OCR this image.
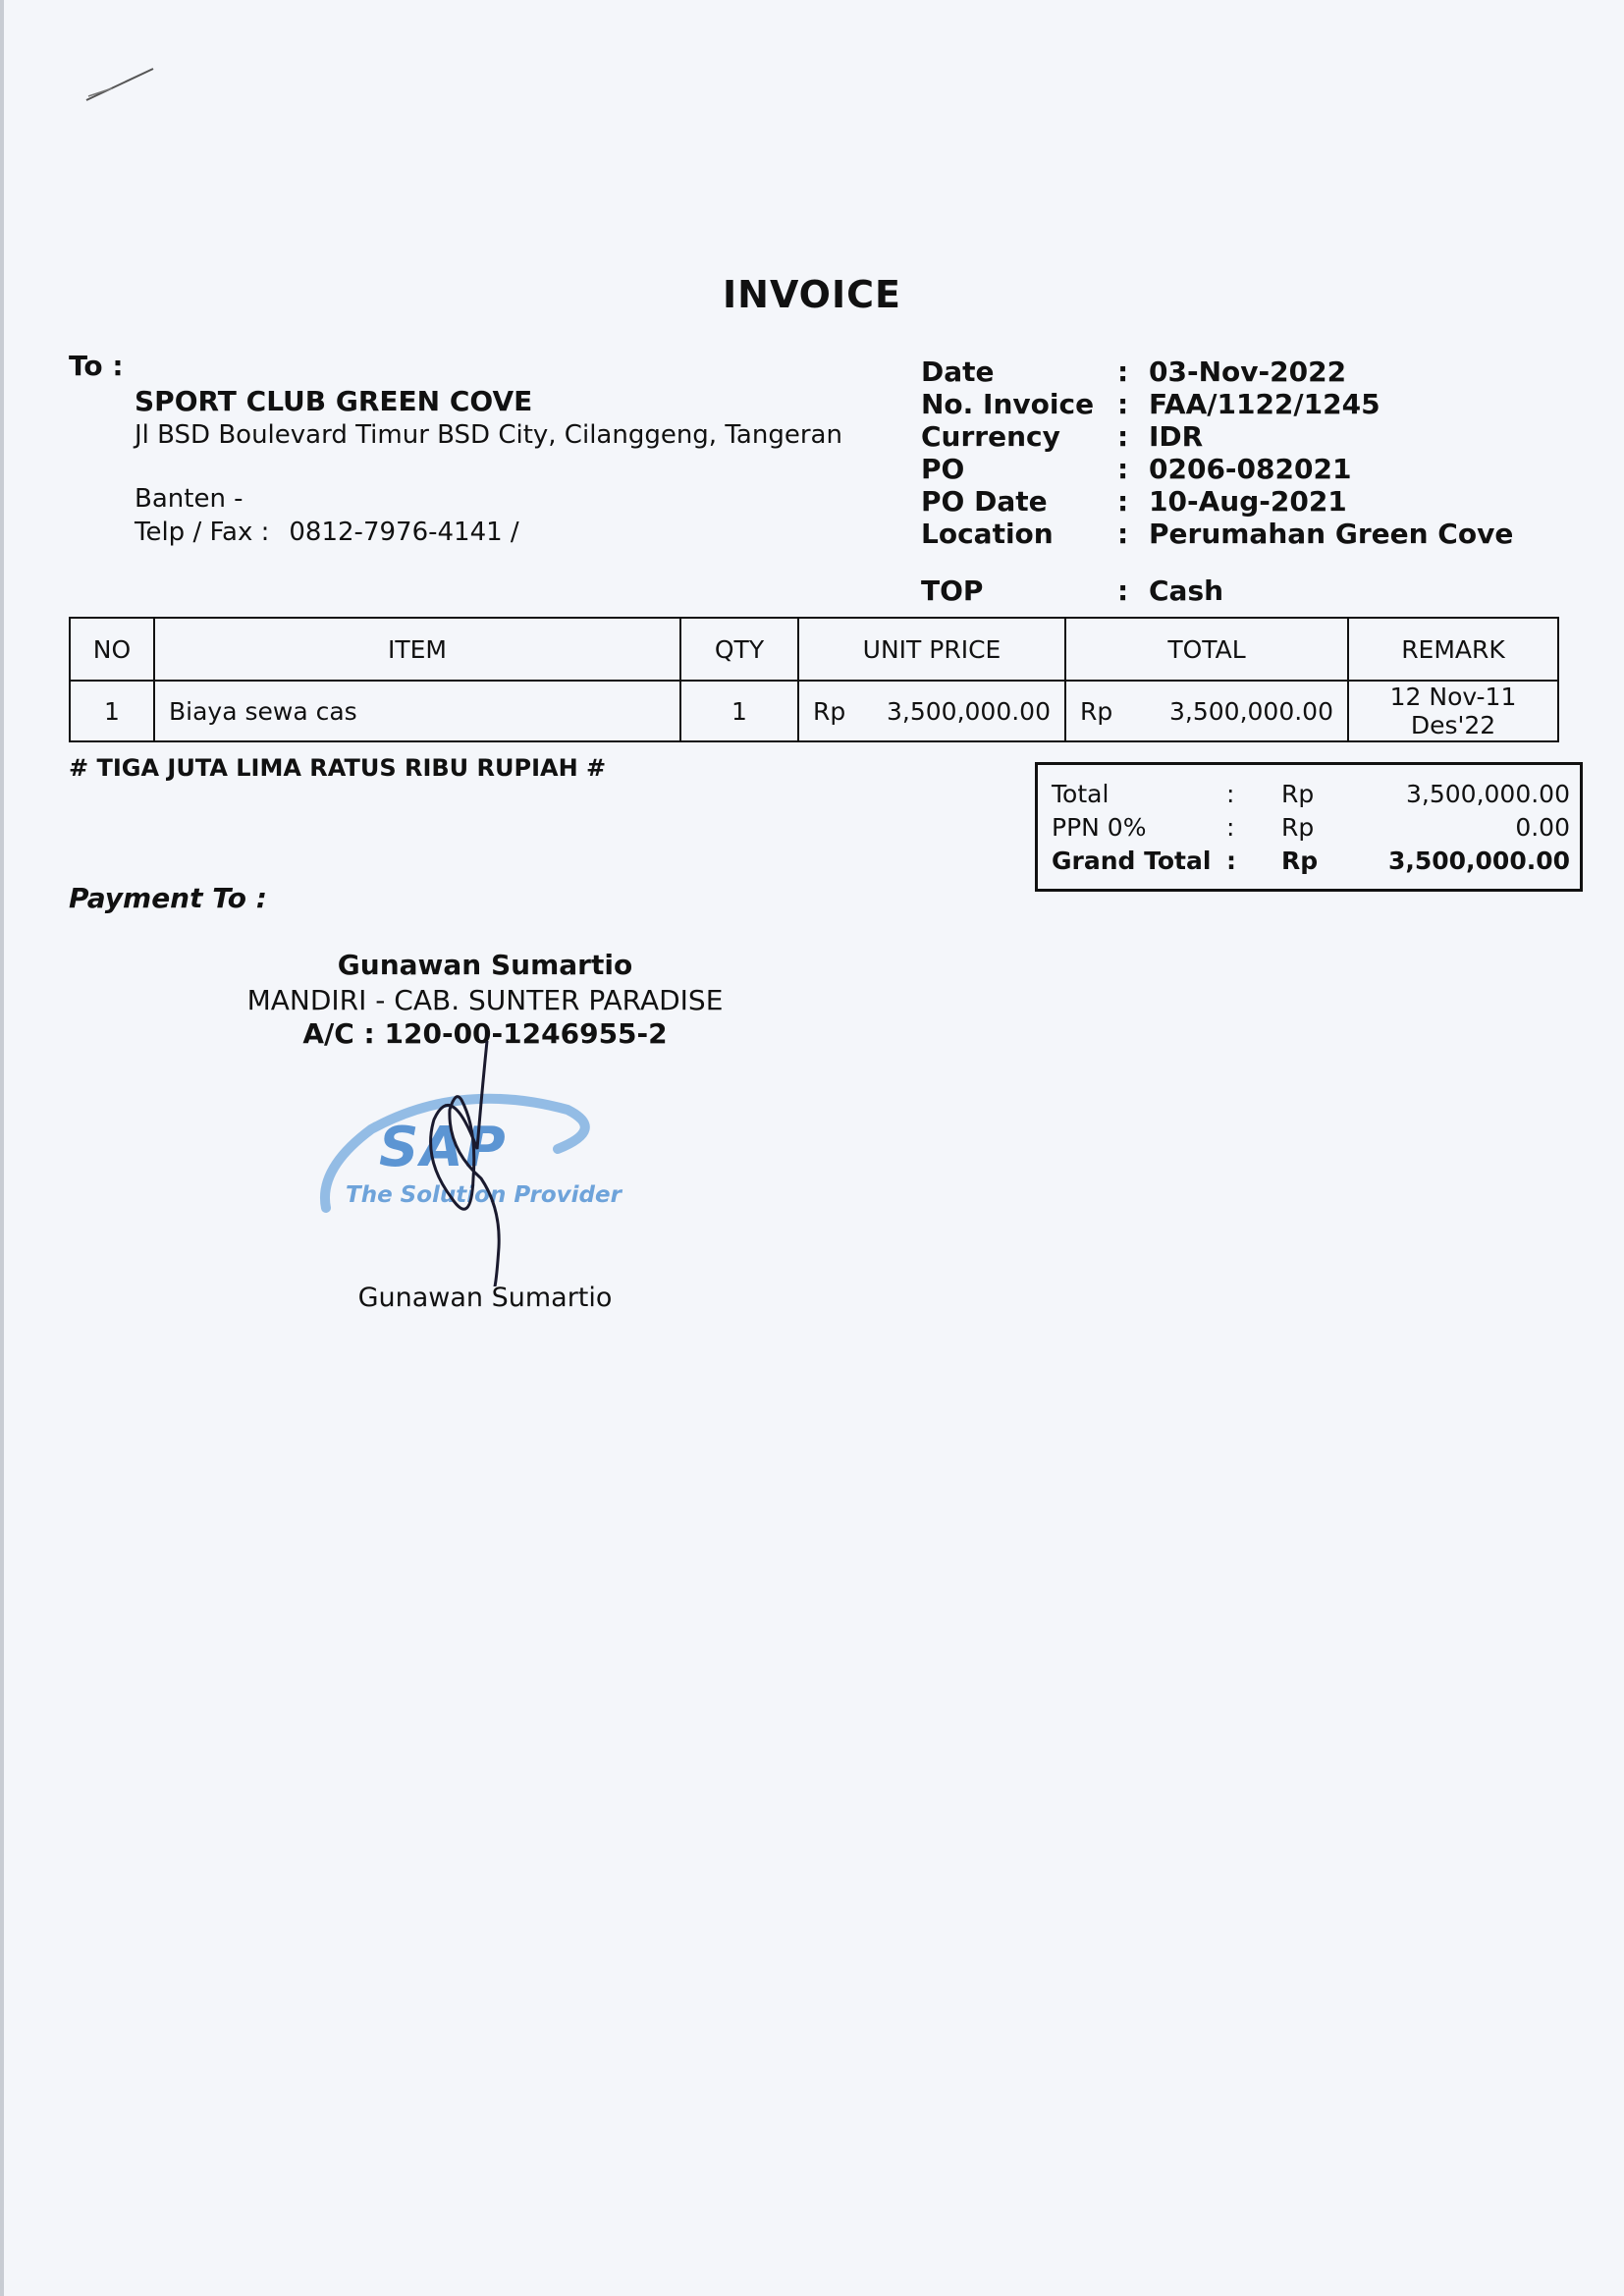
INVOICE
To :
SPORT CLUB GREEN COVE
Jl BSD Boulevard Timur BSD City, Cilanggeng, Tangeran
Banten -
Telp / Fax : 0812-7976-4141 /
Date	: 03-Nov-2022
No. Invoice : FAA/1122/1245
Currency	: IDR
PO	: 0206-082021
PO Date	: 10-Aug-2021
Location	: Perumahan Green Cove
TOP	: Cash
NO	ITEM	QTY	UNIT PRICE	TOTAL	REMARK
1	Biaya sewa cas	1	Rp 3,500,000.00	Rp 3,500,000.00	12 Nov-11 Des'22
# TIGA JUTA LIMA RATUS RIBU RUPIAH #
Total	:	Rp	3,500,000.00
PPN 0%	:	Rp	0.00
Grand Total :	Rp	3,500,000.00
Payment To :
Gunawan Sumartio
MANDIRI - CAB. SUNTER PARADISE
A/C : 120-00-1246955-2
SAP
The Solution Provider
Gunawan Sumartio
